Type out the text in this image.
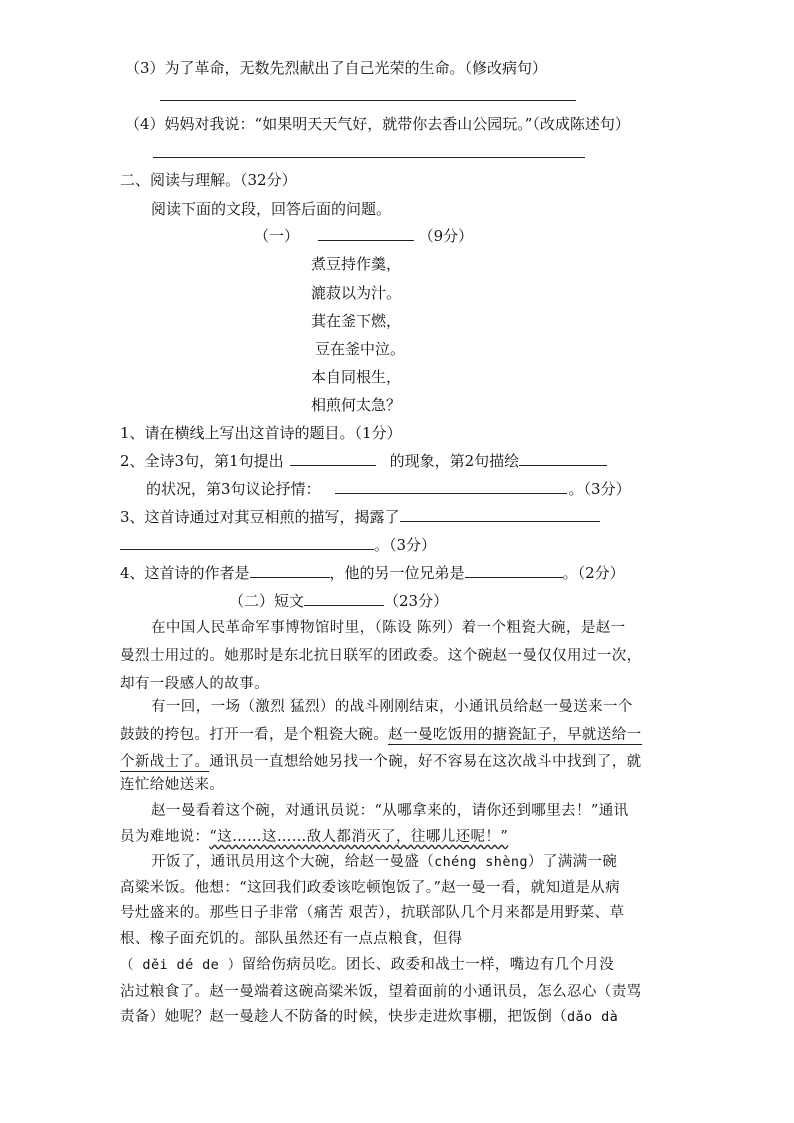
（3）为了革命，无数先烈献出了自己光荣的生命。（修改病句）
（4）妈妈对我说：“如果明天天气好，就带你去香山公园玩。”（改成陈述句）
二、阅读与理解。（32分）
阅读下面的文段，回答后面的问题。
（一）	（9分）
煮豆持作羹，
漉菽以为汁。
萁在釜下燃，
豆在釜中泣。
本自同根生，
相煎何太急？
1、请在横线上写出这首诗的题目。（1分）
2、全诗3句，第1句提出	的现象，第2句描绘
的状况，第3句议论抒情：	。（3分）
3、这首诗通过对萁豆相煎的描写，揭露了
。（3分）
4、这首诗的作者是	，他的另一位兄弟是	。（2分）
（二）短文	（23分）
在中国人民革命军事博物馆时里，（陈设 陈列）着一个粗瓷大碗，是赵一
曼烈士用过的。她那时是东北抗日联军的团政委。这个碗赵一曼仅仅用过一次，
却有一段感人的故事。
有一回，一场（激烈 猛烈）的战斗刚刚结束，小通讯员给赵一曼送来一个
鼓鼓的挎包。打开一看，是个粗瓷大碗。赵一曼吃饭用的搪瓷缸子，早就送给一
个新战士了。通讯员一直想给她另找一个碗，好不容易在这次战斗中找到了，就
连忙给她送来。
赵一曼看着这个碗，对通讯员说：“从哪拿来的，请你还到哪里去！”通讯
员为难地说：“这……这……敌人都消灭了，往哪儿还呢！”
开饭了，通讯员用这个大碗，给赵一曼盛（chéng shèng）了满满一碗
高粱米饭。他想：“这回我们政委该吃顿饱饭了。”赵一曼一看，就知道是从病
号灶盛来的。那些日子非常（痛苦 艰苦），抗联部队几个月来都是用野菜、草
根、橡子面充饥的。部队虽然还有一点点粮食，但得
（ děi dé de ）留给伤病员吃。团长、政委和战士一样，嘴边有几个月没
沾过粮食了。赵一曼端着这碗高粱米饭，望着面前的小通讯员，怎么忍心（责骂
责备）她呢？赵一曼趁人不防备的时候，快步走进炊事棚，把饭倒（dǎo dà
